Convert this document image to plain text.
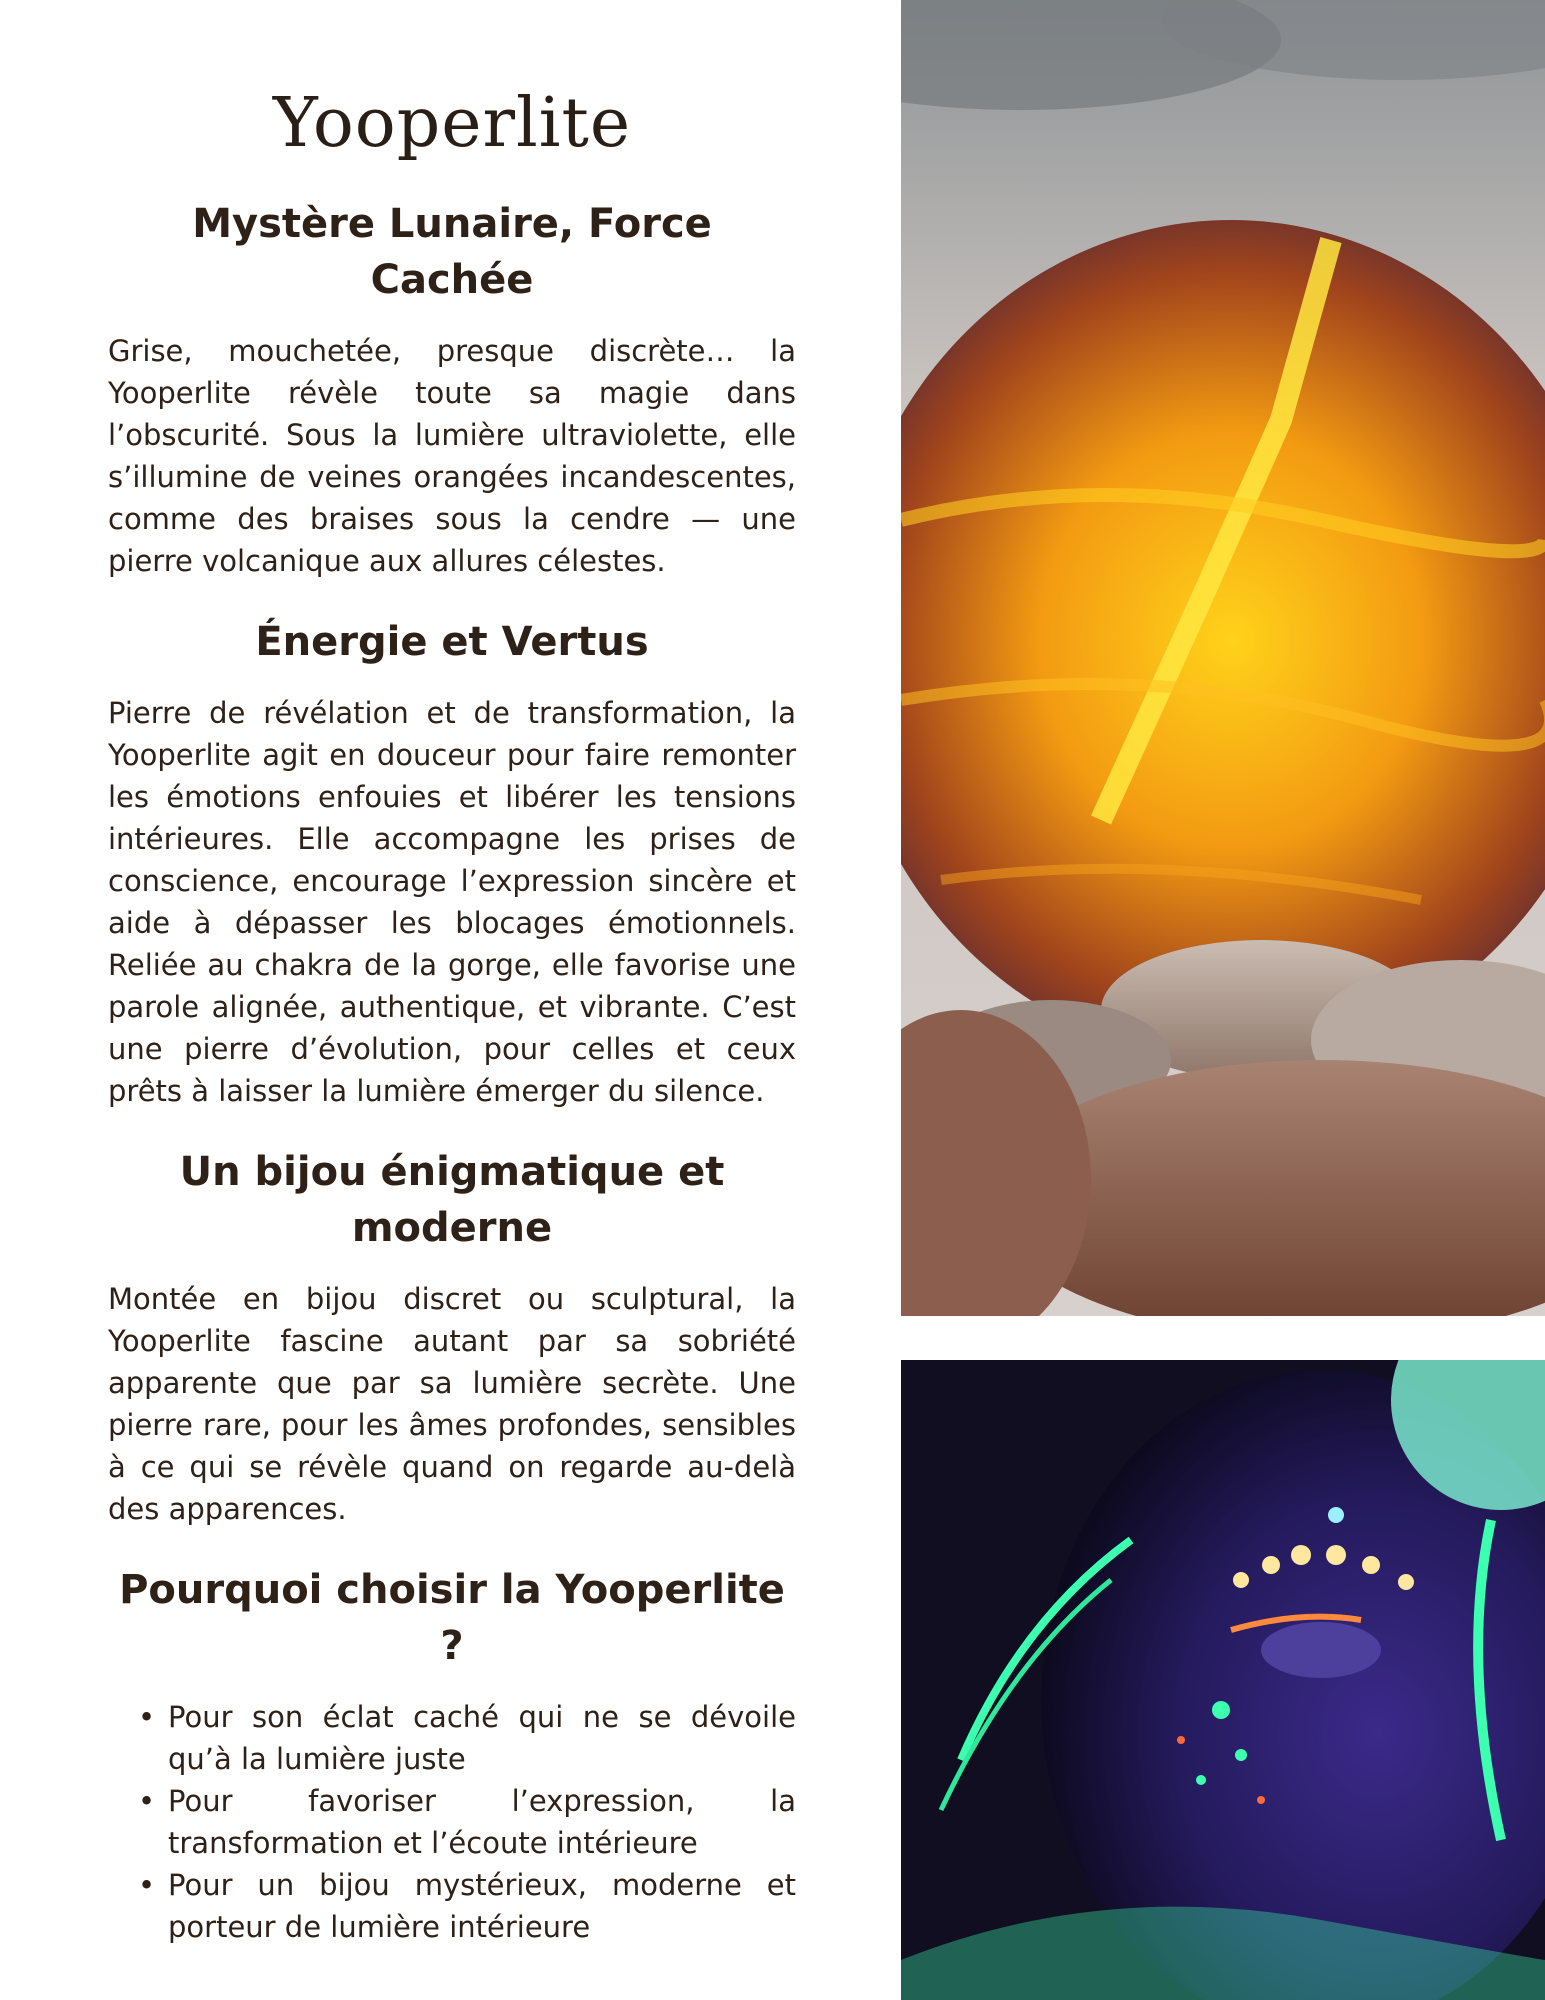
Yooperlite
Mystère Lunaire, Force Cachée

Grise, mouchetée, presque discrète… la Yooperlite révèle toute sa magie dans l’obscurité. Sous la lumière ultraviolette, elle s’illumine de veines orangées incandescentes, comme des braises sous la cendre — une pierre volcanique aux allures célestes.

Énergie et Vertus

Pierre de révélation et de transformation, la Yooperlite agit en douceur pour faire remonter les émotions enfouies et libérer les tensions intérieures. Elle accompagne les prises de conscience, encourage l’expression sincère et aide à dépasser les blocages émotionnels. Reliée au chakra de la gorge, elle favorise une parole alignée, authentique, et vibrante. C’est une pierre d’évolution, pour celles et ceux prêts à laisser la lumière émerger du silence.

Un bijou énigmatique et moderne

Montée en bijou discret ou sculptural, la Yooperlite fascine autant par sa sobriété apparente que par sa lumière secrète. Une pierre rare, pour les âmes profondes, sensibles à ce qui se révèle quand on regarde au-delà des apparences.

Pourquoi choisir la Yooperlite ?
• Pour son éclat caché qui ne se dévoile qu’à la lumière juste
• Pour favoriser l’expression, la transformation et l’écoute intérieure
• Pour un bijou mystérieux, moderne et porteur de lumière intérieure
